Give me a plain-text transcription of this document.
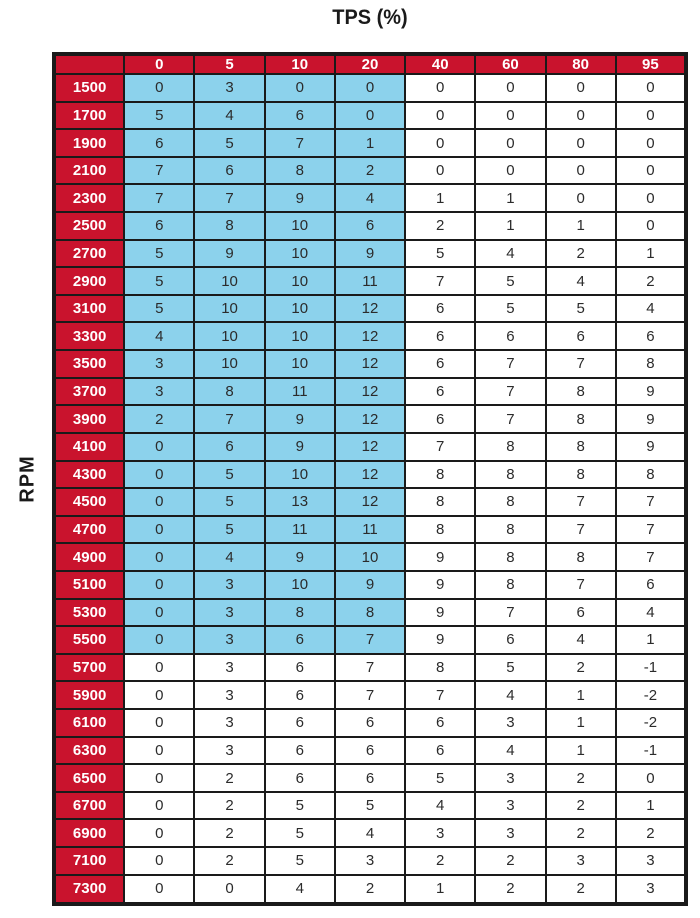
TPS (%)
RPM
	0	5	10	20	40	60	80	95
1500	0	3	0	0	0	0	0	0
1700	5	4	6	0	0	0	0	0
1900	6	5	7	1	0	0	0	0
2100	7	6	8	2	0	0	0	0
2300	7	7	9	4	1	1	0	0
2500	6	8	10	6	2	1	1	0
2700	5	9	10	9	5	4	2	1
2900	5	10	10	11	7	5	4	2
3100	5	10	10	12	6	5	5	4
3300	4	10	10	12	6	6	6	6
3500	3	10	10	12	6	7	7	8
3700	3	8	11	12	6	7	8	9
3900	2	7	9	12	6	7	8	9
4100	0	6	9	12	7	8	8	9
4300	0	5	10	12	8	8	8	8
4500	0	5	13	12	8	8	7	7
4700	0	5	11	11	8	8	7	7
4900	0	4	9	10	9	8	8	7
5100	0	3	10	9	9	8	7	6
5300	0	3	8	8	9	7	6	4
5500	0	3	6	7	9	6	4	1
5700	0	3	6	7	8	5	2	-1
5900	0	3	6	7	7	4	1	-2
6100	0	3	6	6	6	3	1	-2
6300	0	3	6	6	6	4	1	-1
6500	0	2	6	6	5	3	2	0
6700	0	2	5	5	4	3	2	1
6900	0	2	5	4	3	3	2	2
7100	0	2	5	3	2	2	3	3
7300	0	0	4	2	1	2	2	3
